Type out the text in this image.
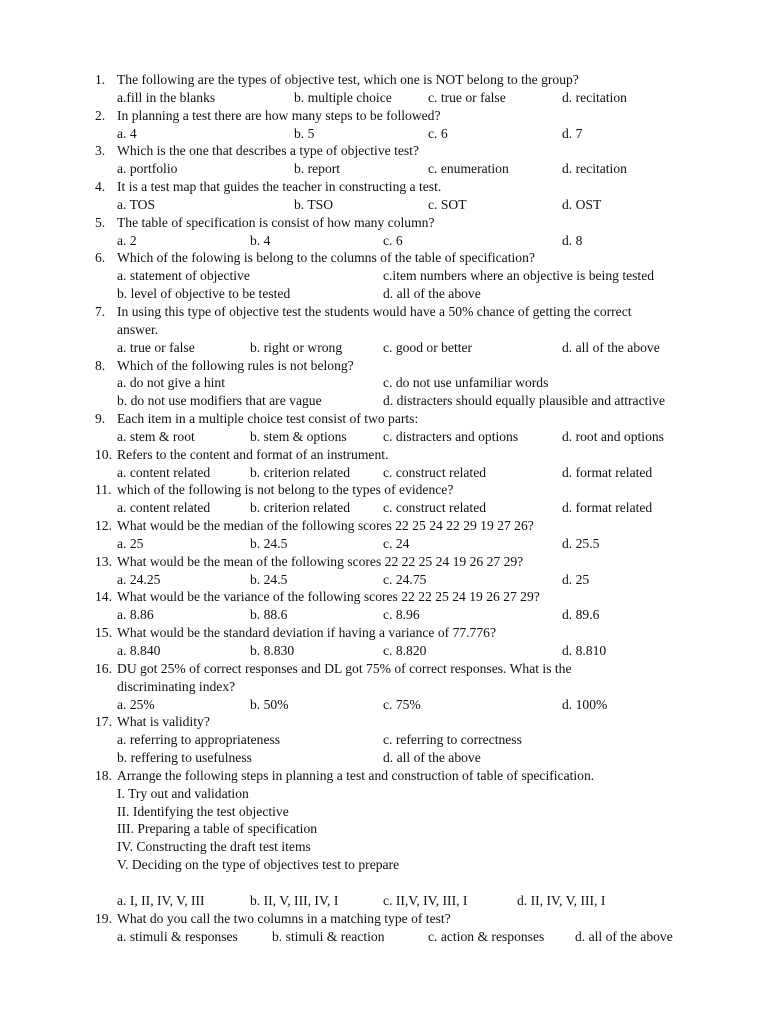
1. The following are the types of objective test, which one is NOT belong to the group?
a.fill in the blanks	b. multiple choice	c. true or false	d. recitation
2. In planning a test there are how many steps to be followed?
a. 4	b. 5	c. 6	d. 7
3. Which is the one that describes a type of objective test?
a. portfolio	b. report	c. enumeration	d. recitation
4. It is a test map that guides the teacher in constructing a test.
a. TOS	b. TSO	c. SOT	d. OST
5. The table of specification is consist of how many column?
a. 2	b. 4	c. 6	d. 8
6. Which of the folowing is belong to the columns of the table of specification?
a. statement of objective	c.item numbers where an objective is being tested
b. level of objective to be tested	d. all of the above
7. In using this type of objective test the students would have a 50% chance of getting the correct
answer.
a. true or false	b. right or wrong	c. good or better	d. all of the above
8. Which of the following rules is not belong?
a. do not give a hint	c. do not use unfamiliar words
b. do not use modifiers that are vague	d. distracters should equally plausible and attractive
9. Each item in a multiple choice test consist of two parts:
a. stem & root	b. stem & options	c. distracters and options	d. root and options
10. Refers to the content and format of an instrument.
a. content related	b. criterion related c. construct related	d. format related
11. which of the following is not belong to the types of evidence?
a. content related	b. criterion related c. construct related	d. format related
12. What would be the median of the following scores 22 25 24 22 29 19 27 26?
a. 25	b. 24.5	c. 24	d. 25.5
13. What would be the mean of the following scores 22 22 25 24 19 26 27 29?
a. 24.25	b. 24.5	c. 24.75	d. 25
14. What would be the variance of the following scores 22 22 25 24 19 26 27 29?
a. 8.86	b. 88.6	c. 8.96	d. 89.6
15. What would be the standard deviation if having a variance of 77.776?
a. 8.840	b. 8.830	c. 8.820	d. 8.810
16. DU got 25% of correct responses and DL got 75% of correct responses. What is the
discriminating index?
a. 25%	b. 50%	c. 75%	d. 100%
17. What is validity?
a. referring to appropriateness	c. referring to correctness
b. reffering to usefulness	d. all of the above
18. Arrange the following steps in planning a test and construction of table of specification.
I. Try out and validation
II. Identifying the test objective
III. Preparing a table of specification
IV. Constructing the draft test items
V. Deciding on the type of objectives test to prepare
a. I, II, IV, V, III	b. II, V, III, IV, I	c. II,V, IV, III, I	d. II, IV, V, III, I
19. What do you call the two columns in a matching type of test?
a. stimuli & responses	b. stimuli & reaction	c. action & responses d. all of the above
